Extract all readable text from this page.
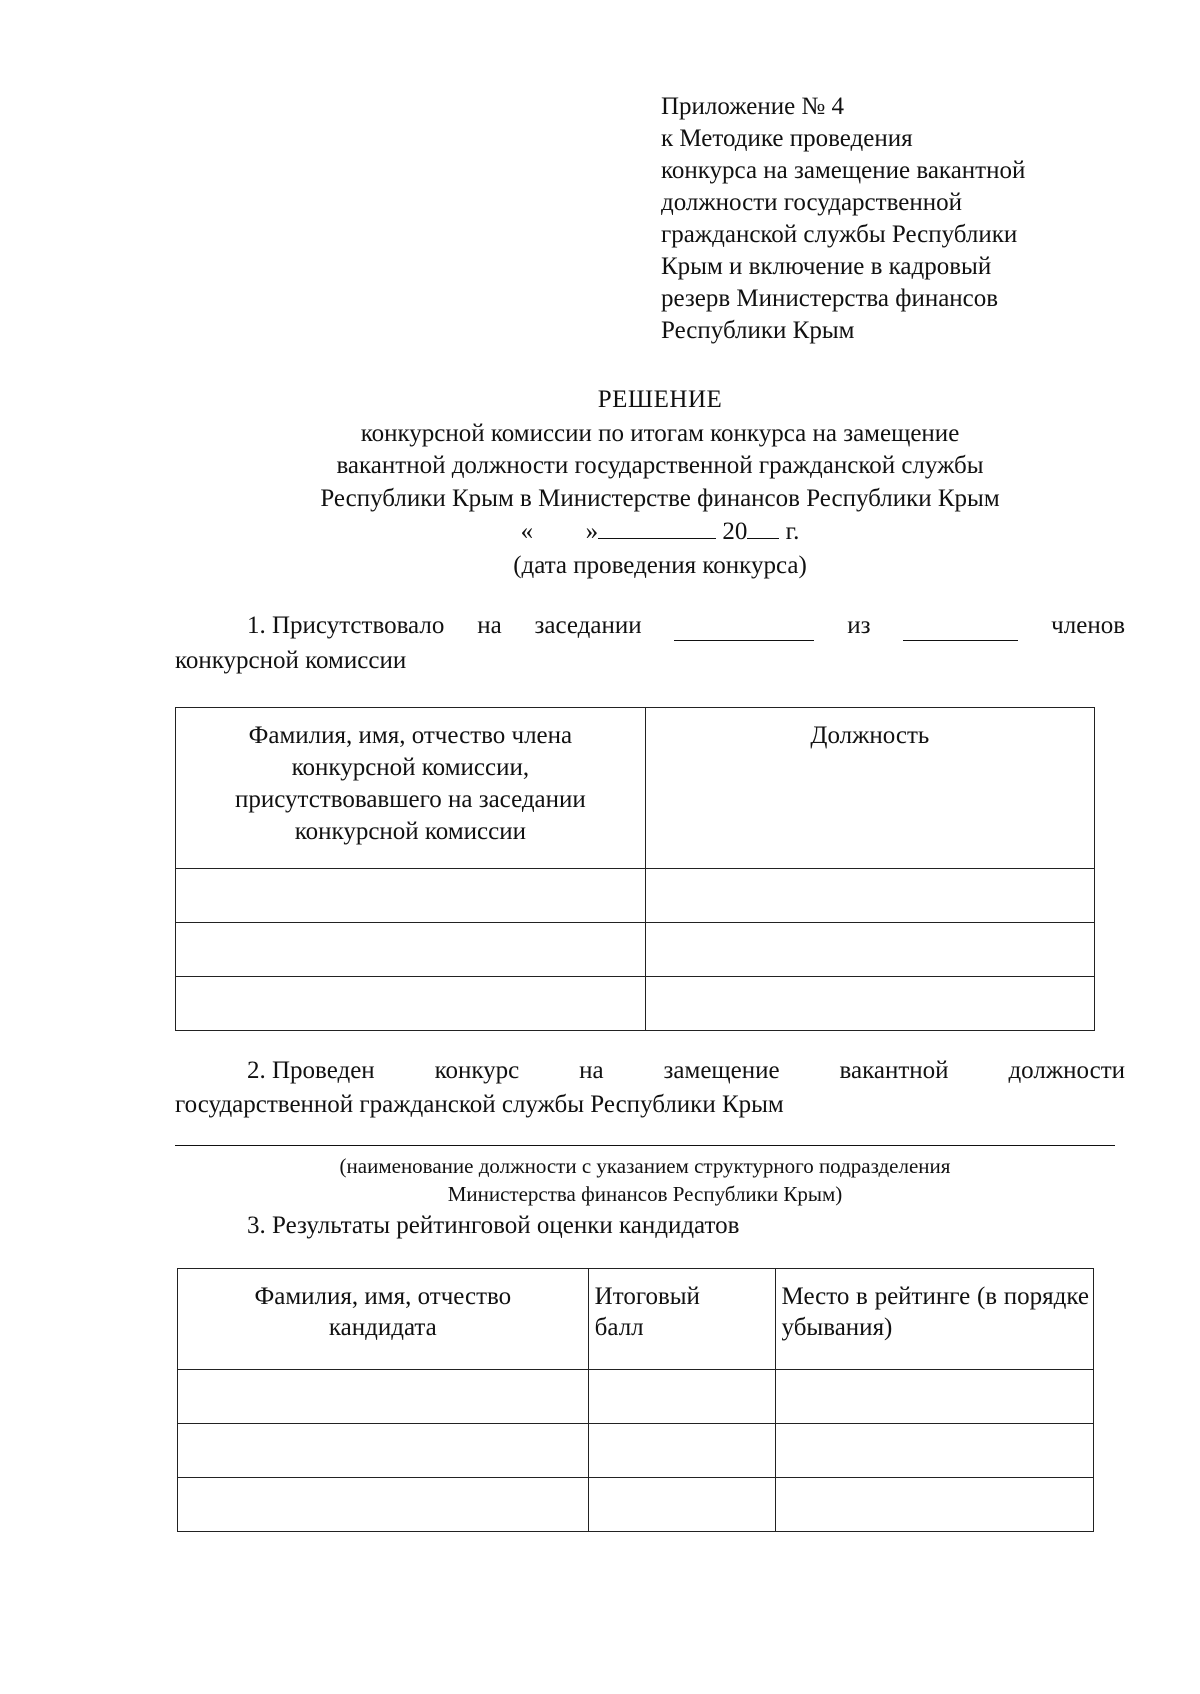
Приложение № 4
к Методике проведения
конкурса на замещение вакантной
должности государственной
гражданской службы Республики
Крым и включение в кадровый
резерв Министерства финансов
Республики Крым
РЕШЕНИЕ
конкурсной комиссии по итогам конкурса на замещение
вакантной должности государственной гражданской службы
Республики Крым в Министерстве финансов Республики Крым
« »	20 г.
(дата проведения конкурса)
1. Присутствовало на заседании	из	членов
конкурсной комиссии
Фамилия, имя, отчество члена конкурсной комиссии, присутствовавшего на заседании конкурсной комиссии	Должность

2. Проведен конкурс на замещение вакантной должности
государственной гражданской службы Республики Крым
(наименование должности с указанием структурного подразделения
Министерства финансов Республики Крым)
3. Результаты рейтинговой оценки кандидатов
Фамилия, имя, отчество кандидата	Итоговый балл	Место в рейтинге (в порядке убывания)
